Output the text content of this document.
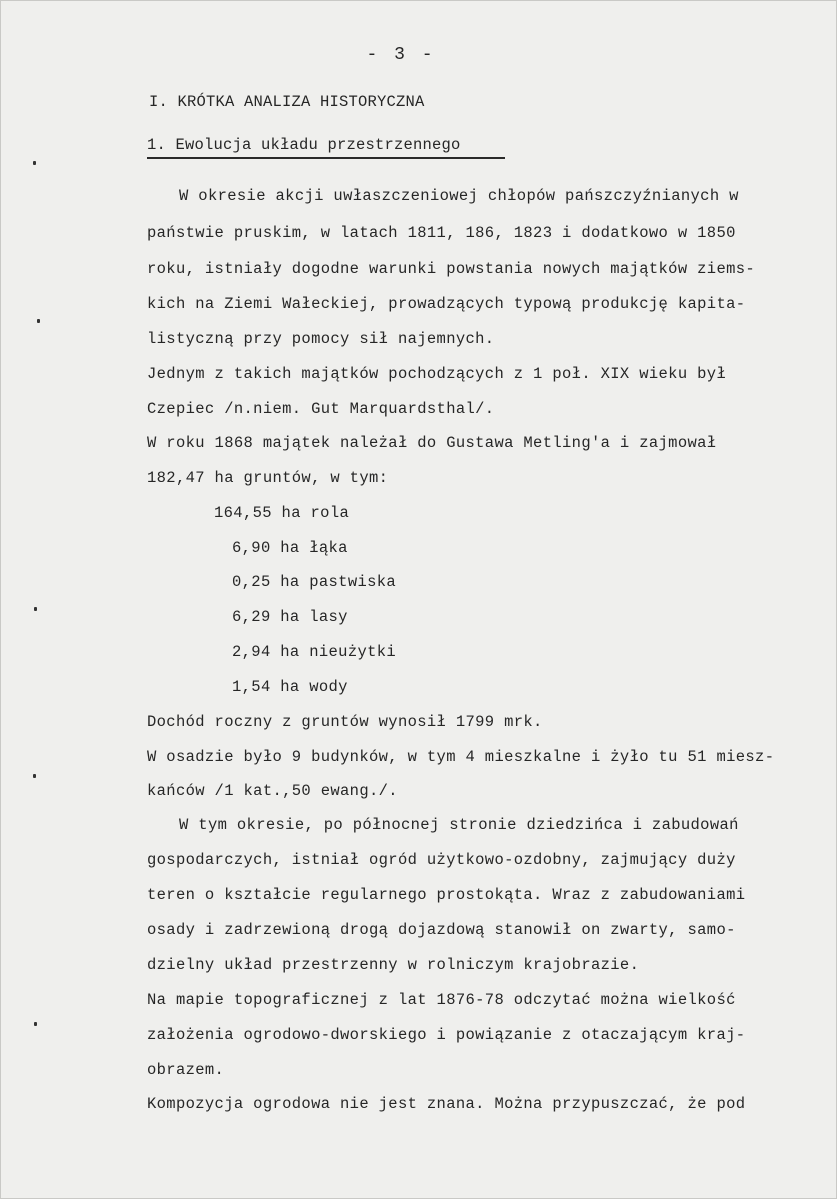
- 3 -
I. KRÓTKA ANALIZA HISTORYCZNA
1. Ewolucja układu przestrzennego
W okresie akcji uwłaszczeniowej chłopów pańszczyźnianych w
państwie pruskim, w latach 1811, 186, 1823 i dodatkowo w 1850
roku, istniały dogodne warunki powstania nowych majątków ziems-
kich na Ziemi Wałeckiej, prowadzących typową produkcję kapita-
listyczną przy pomocy sił najemnych.
Jednym z takich majątków pochodzących z 1 poł. XIX wieku był
Czepiec /n.niem. Gut Marquardsthal/.
W roku 1868 majątek należał do Gustawa Metling'a i zajmował
182,47 ha gruntów, w tym:
164,55 ha rola
6,90 ha łąka
0,25 ha pastwiska
6,29 ha lasy
2,94 ha nieużytki
1,54 ha wody
Dochód roczny z gruntów wynosił 1799 mrk.
W osadzie było 9 budynków, w tym 4 mieszkalne i żyło tu 51 miesz-
kańców /1 kat.,50 ewang./.
W tym okresie, po północnej stronie dziedzińca i zabudowań
gospodarczych, istniał ogród użytkowo-ozdobny, zajmujący duży
teren o kształcie regularnego prostokąta. Wraz z zabudowaniami
osady i zadrzewioną drogą dojazdową stanowił on zwarty, samo-
dzielny układ przestrzenny w rolniczym krajobrazie.
Na mapie topograficznej z lat 1876-78 odczytać można wielkość
założenia ogrodowo-dworskiego i powiązanie z otaczającym kraj-
obrazem.
Kompozycja ogrodowa nie jest znana. Można przypuszczać, że pod
